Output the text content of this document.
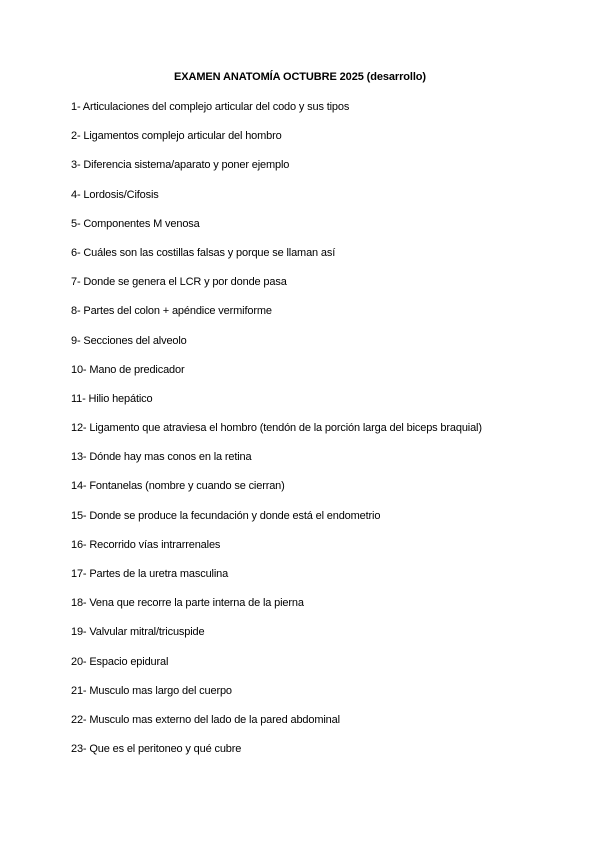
EXAMEN ANATOMÍA OCTUBRE 2025 (desarrollo)
1- Articulaciones del complejo articular del codo y sus tipos
2- Ligamentos complejo articular del hombro
3- Diferencia sistema/aparato y poner ejemplo
4- Lordosis/Cifosis
5- Componentes M venosa
6- Cuáles son las costillas falsas y porque se llaman así
7- Donde se genera el LCR y por donde pasa
8- Partes del colon + apéndice vermiforme
9- Secciones del alveolo
10- Mano de predicador
11- Hilio hepático
12- Ligamento que atraviesa el hombro (tendón de la porción larga del biceps braquial)
13- Dónde hay mas conos en la retina
14- Fontanelas (nombre y cuando se cierran)
15- Donde se produce la fecundación y donde está el endometrio
16- Recorrido vías intrarrenales
17- Partes de la uretra masculina
18- Vena que recorre la parte interna de la pierna
19- Valvular mitral/tricuspide
20- Espacio epidural
21- Musculo mas largo del cuerpo
22- Musculo mas externo del lado de la pared abdominal
23- Que es el peritoneo y qué cubre
